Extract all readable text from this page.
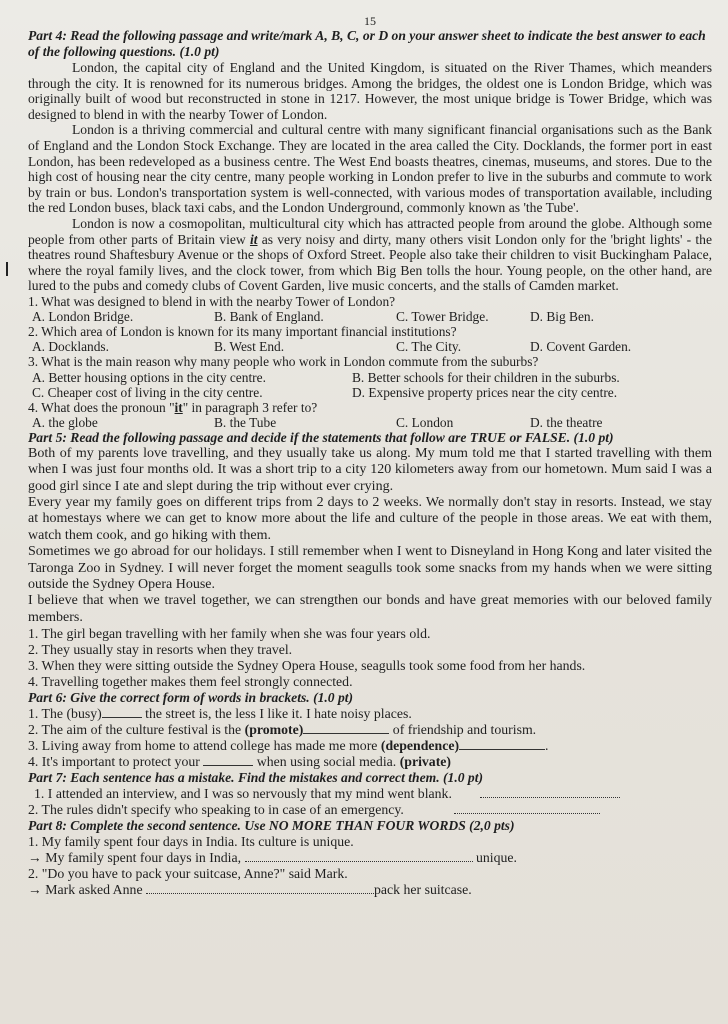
15
Part 4: Read the following passage and write/mark A, B, C, or D on your answer sheet to indicate the best answer to each of the following questions. (1.0 pt)
London, the capital city of England and the United Kingdom, is situated on the River Thames, which meanders through the city. It is renowned for its numerous bridges. Among the bridges, the oldest one is London Bridge, which was originally built of wood but reconstructed in stone in 1217. However, the most unique bridge is Tower Bridge, which was designed to blend in with the nearby Tower of London.
London is a thriving commercial and cultural centre with many significant financial organisations such as the Bank of England and the London Stock Exchange. They are located in the area called the City. Docklands, the former port in east London, has been redeveloped as a business centre. The West End boasts theatres, cinemas, museums, and stores. Due to the high cost of housing near the city centre, many people working in London prefer to live in the suburbs and commute to work by train or bus. London's transportation system is well-connected, with various modes of transportation available, including the red London buses, black taxi cabs, and the London Underground, commonly known as 'the Tube'.
London is now a cosmopolitan, multicultural city which has attracted people from around the globe. Although some people from other parts of Britain view it as very noisy and dirty, many others visit London only for the 'bright lights' - the theatres round Shaftesbury Avenue or the shops of Oxford Street. People also take their children to visit Buckingham Palace, where the royal family lives, and the clock tower, from which Big Ben tolls the hour. Young people, on the other hand, are lured to the pubs and comedy clubs of Covent Garden, live music concerts, and the stalls of Camden market.
1. What was designed to blend in with the nearby Tower of London?
A. London Bridge.	B. Bank of England.	C. Tower Bridge.	D. Big Ben.
2. Which area of London is known for its many important financial institutions?
A. Docklands.	B. West End.	C. The City.	D. Covent Garden.
3. What is the main reason why many people who work in London commute from the suburbs?
A. Better housing options in the city centre.	B. Better schools for their children in the suburbs.
C. Cheaper cost of living in the city centre.	D. Expensive property prices near the city centre.
4. What does the pronoun "it" in paragraph 3 refer to?
A. the globe	B. the Tube	C. London	D. the theatre
Part 5: Read the following passage and decide if the statements that follow are TRUE or FALSE. (1.0 pt)
Both of my parents love travelling, and they usually take us along. My mum told me that I started travelling with them when I was just four months old. It was a short trip to a city 120 kilometers away from our hometown. Mum said I was a good girl since I ate and slept during the trip without ever crying.
Every year my family goes on different trips from 2 days to 2 weeks. We normally don't stay in resorts. Instead, we stay at homestays where we can get to know more about the life and culture of the people in those areas. We eat with them, watch them cook, and go hiking with them.
Sometimes we go abroad for our holidays. I still remember when I went to Disneyland in Hong Kong and later visited the Taronga Zoo in Sydney. I will never forget the moment seagulls took some snacks from my hands when we were sitting outside the Sydney Opera House.
I believe that when we travel together, we can strengthen our bonds and have great memories with our beloved family members.
1. The girl began travelling with her family when she was four years old.
2. They usually stay in resorts when they travel.
3. When they were sitting outside the Sydney Opera House, seagulls took some food from her hands.
4. Travelling together makes them feel strongly connected.
Part 6: Give the correct form of words in brackets. (1.0 pt)
1. The (busy)	the street is, the less I like it. I hate noisy places.
2. The aim of the culture festival is the (promote)	of friendship and tourism.
3. Living away from home to attend college has made me more (dependence)	.
4. It's important to protect your	when using social media. (private)
Part 7: Each sentence has a mistake. Find the mistakes and correct them. (1.0 pt)
1. I attended an interview, and I was so nervously that my mind went blank.
2. The rules didn't specify who speaking to in case of an emergency.
Part 8: Complete the second sentence. Use NO MORE THAN FOUR WORDS (2,0 pts)
1. My family spent four days in India. Its culture is unique.
→ My family spent four days in India,	unique.
2. "Do you have to pack your suitcase, Anne?" said Mark.
→ Mark asked Anne	pack her suitcase.
